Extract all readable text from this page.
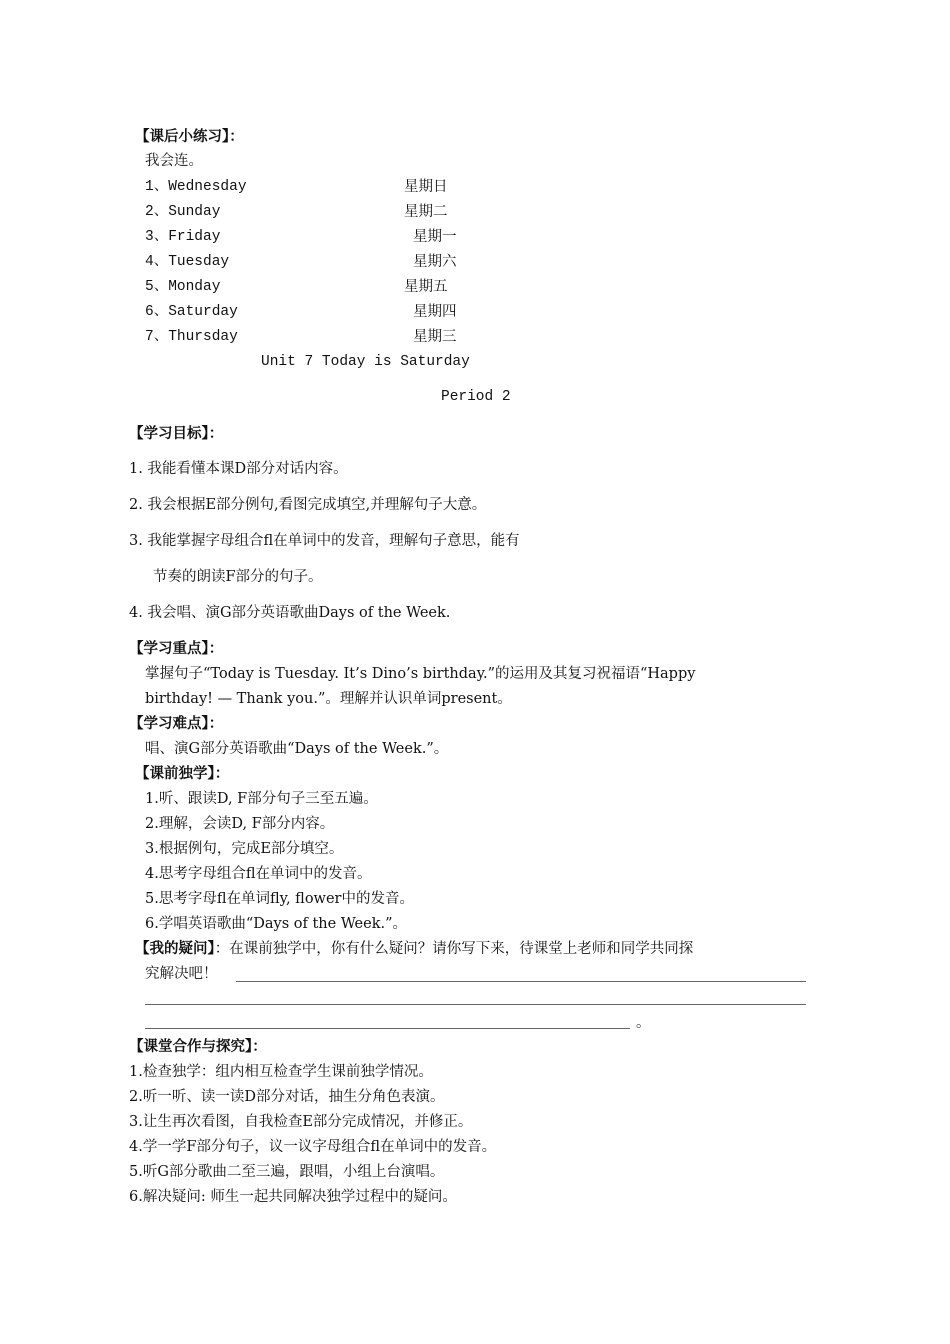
【课后小练习】：
我会连。
1、Wednesday	星期日
2、Sunday	星期二
3、Friday	星期一
4、Tuesday	星期六
5、Monday	星期五
6、Saturday	星期四
7、Thursday	星期三
Unit 7 Today is Saturday
Period 2
【学习目标】：
1. 我能看懂本课D部分对话内容。
2. 我会根据E部分例句,看图完成填空,并理解句子大意。
3. 我能掌握字母组合fl在单词中的发音，理解句子意思，能有
节奏的朗读F部分的句子。
4. 我会唱、演G部分英语歌曲Days of the Week.
【学习重点】：
掌握句子“Today is Tuesday. It’s Dino’s birthday.”的运用及其复习祝福语“Happy
birthday! — Thank you.”。理解并认识单词present。
【学习难点】：
唱、演G部分英语歌曲“Days of the Week.”。
【课前独学】：
1.听、跟读D, F部分句子三至五遍。
2.理解，会读D, F部分内容。
3.根据例句，完成E部分填空。
4.思考字母组合fl在单词中的发音。
5.思考字母fl在单词fly, flower中的发音。
6.学唱英语歌曲“Days of the Week.”。
【我的疑问】：在课前独学中，你有什么疑问？请你写下来，待课堂上老师和同学共同探
究解决吧！
。
【课堂合作与探究】：
1.检查独学：组内相互检查学生课前独学情况。
2.听一听、读一读D部分对话，抽生分角色表演。
3.让生再次看图，自我检查E部分完成情况，并修正。
4.学一学F部分句子，议一议字母组合fl在单词中的发音。
5.听G部分歌曲二至三遍，跟唱，小组上台演唱。
6.解决疑问: 师生一起共同解决独学过程中的疑问。
